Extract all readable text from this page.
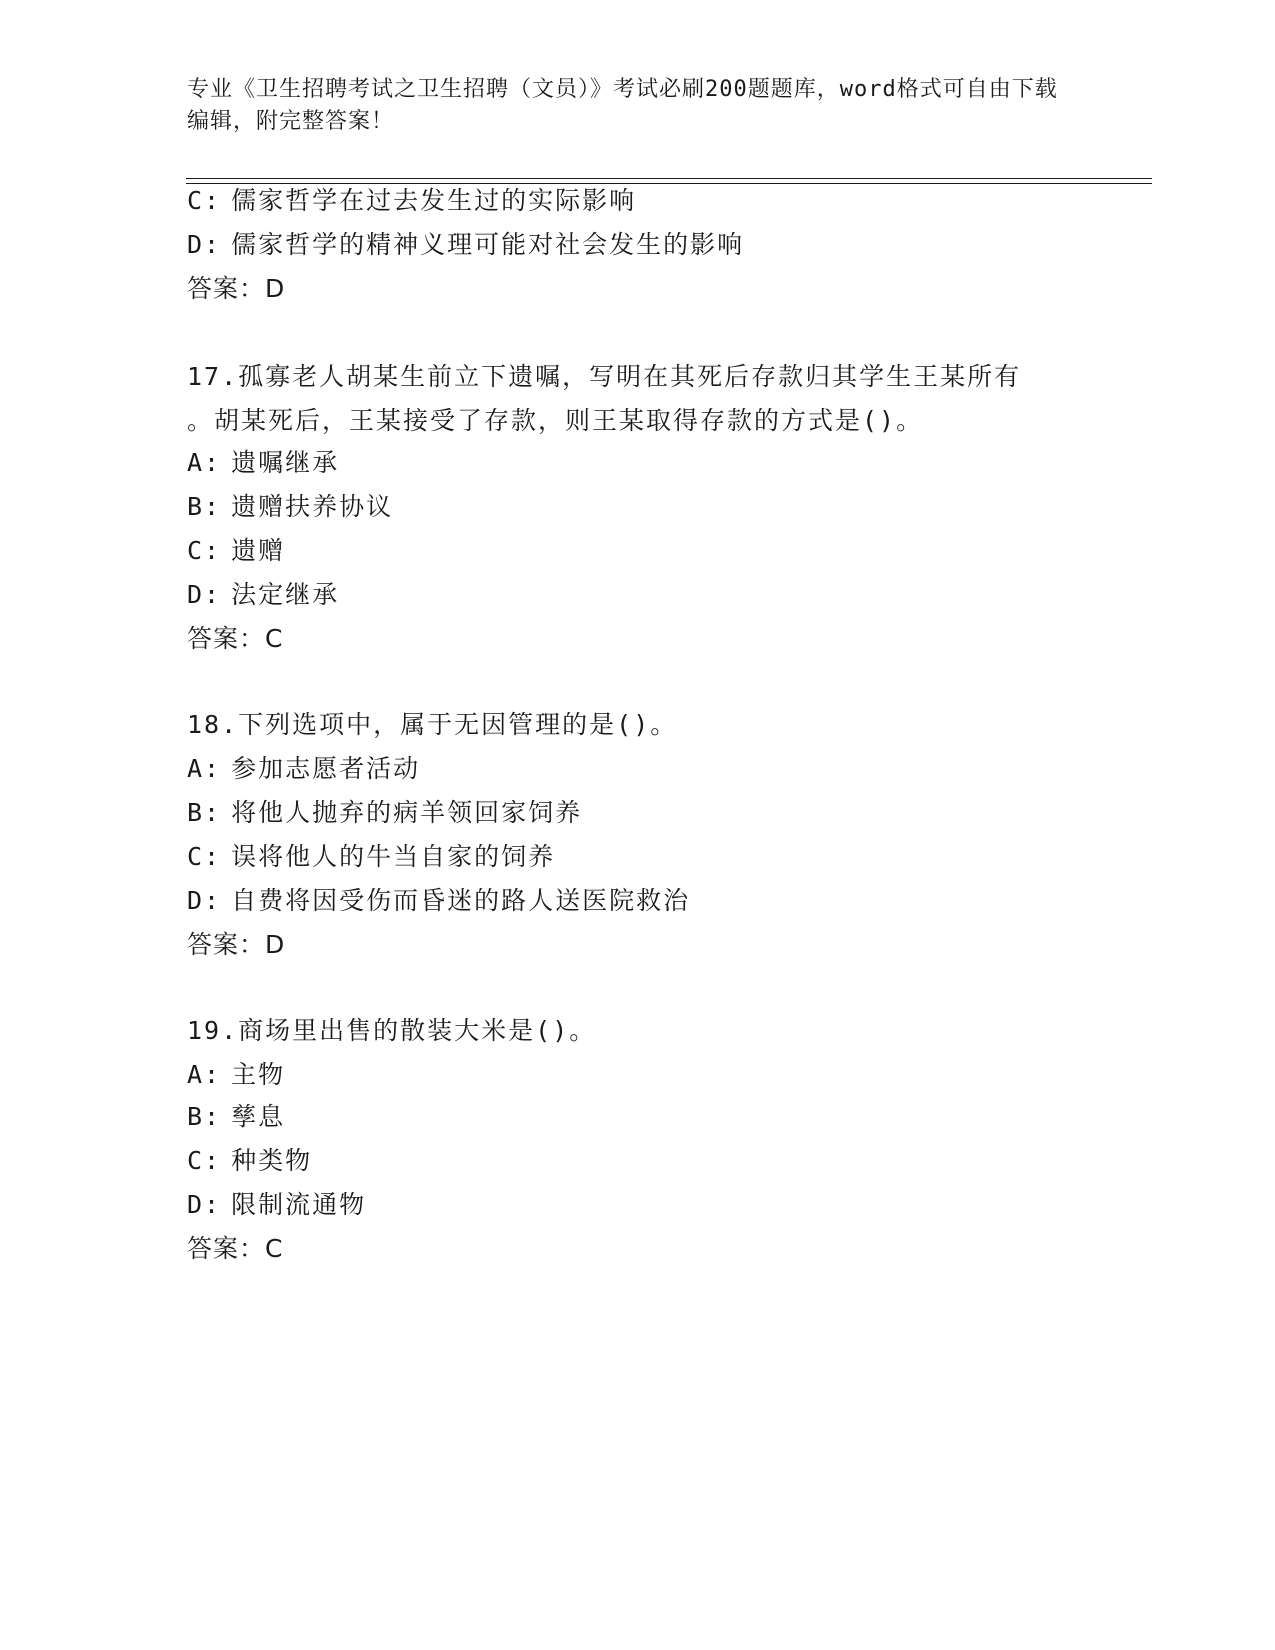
专业《卫生招聘考试之卫生招聘（文员）》考试必刷200题题库，word格式可自由下载编辑，附完整答案！
C: 儒家哲学在过去发生过的实际影响
D: 儒家哲学的精神义理可能对社会发生的影响
答案：D
17.孤寡老人胡某生前立下遗嘱，写明在其死后存款归其学生王某所有
。胡某死后，王某接受了存款，则王某取得存款的方式是()。
A: 遗嘱继承
B: 遗赠扶养协议
C: 遗赠
D: 法定继承
答案：C
18.下列选项中，属于无因管理的是()。
A: 参加志愿者活动
B: 将他人抛弃的病羊领回家饲养
C: 误将他人的牛当自家的饲养
D: 自费将因受伤而昏迷的路人送医院救治
答案：D
19.商场里出售的散装大米是()。
A: 主物
B: 孳息
C: 种类物
D: 限制流通物
答案：C
